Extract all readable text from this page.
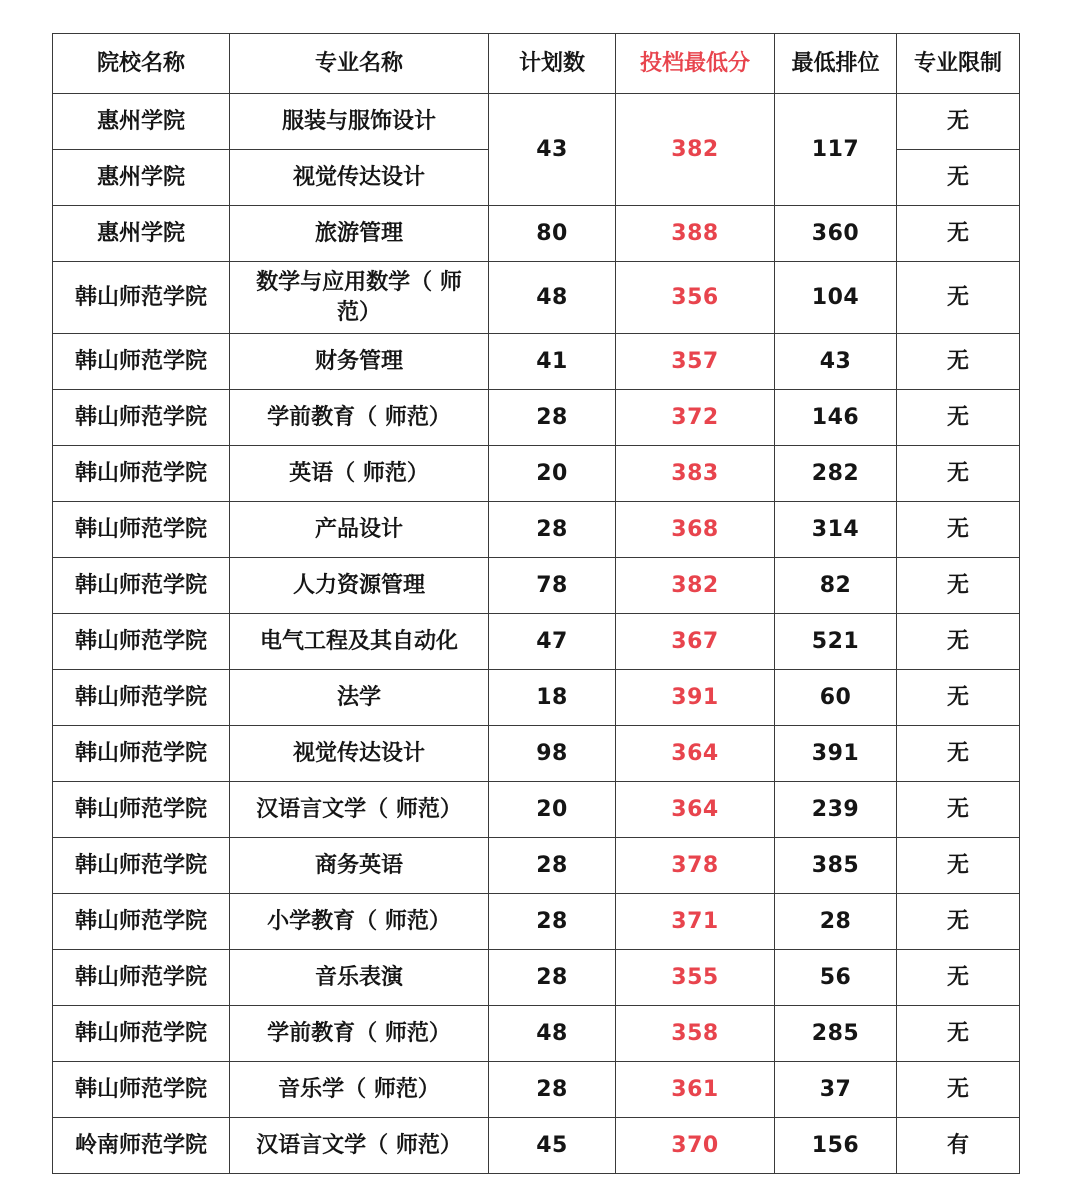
院校名称	专业名称	计划数	投档最低分	最低排位	专业限制
惠州学院	服装与服饰设计	43	382	117	无
惠州学院	视觉传达设计				无
惠州学院	旅游管理	80	388	360	无
韩山师范学院	数学与应用数学（ 师范）	48	356	104	无
韩山师范学院	财务管理	41	357	43	无
韩山师范学院	学前教育（ 师范）	28	372	146	无
韩山师范学院	英语（ 师范）	20	383	282	无
韩山师范学院	产品设计	28	368	314	无
韩山师范学院	人力资源管理	78	382	82	无
韩山师范学院	电气工程及其自动化	47	367	521	无
韩山师范学院	法学	18	391	60	无
韩山师范学院	视觉传达设计	98	364	391	无
韩山师范学院	汉语言文学（ 师范）	20	364	239	无
韩山师范学院	商务英语	28	378	385	无
韩山师范学院	小学教育（ 师范）	28	371	28	无
韩山师范学院	音乐表演	28	355	56	无
韩山师范学院	学前教育（ 师范）	48	358	285	无
韩山师范学院	音乐学（ 师范）	28	361	37	无
岭南师范学院	汉语言文学（ 师范）	45	370	156	有
